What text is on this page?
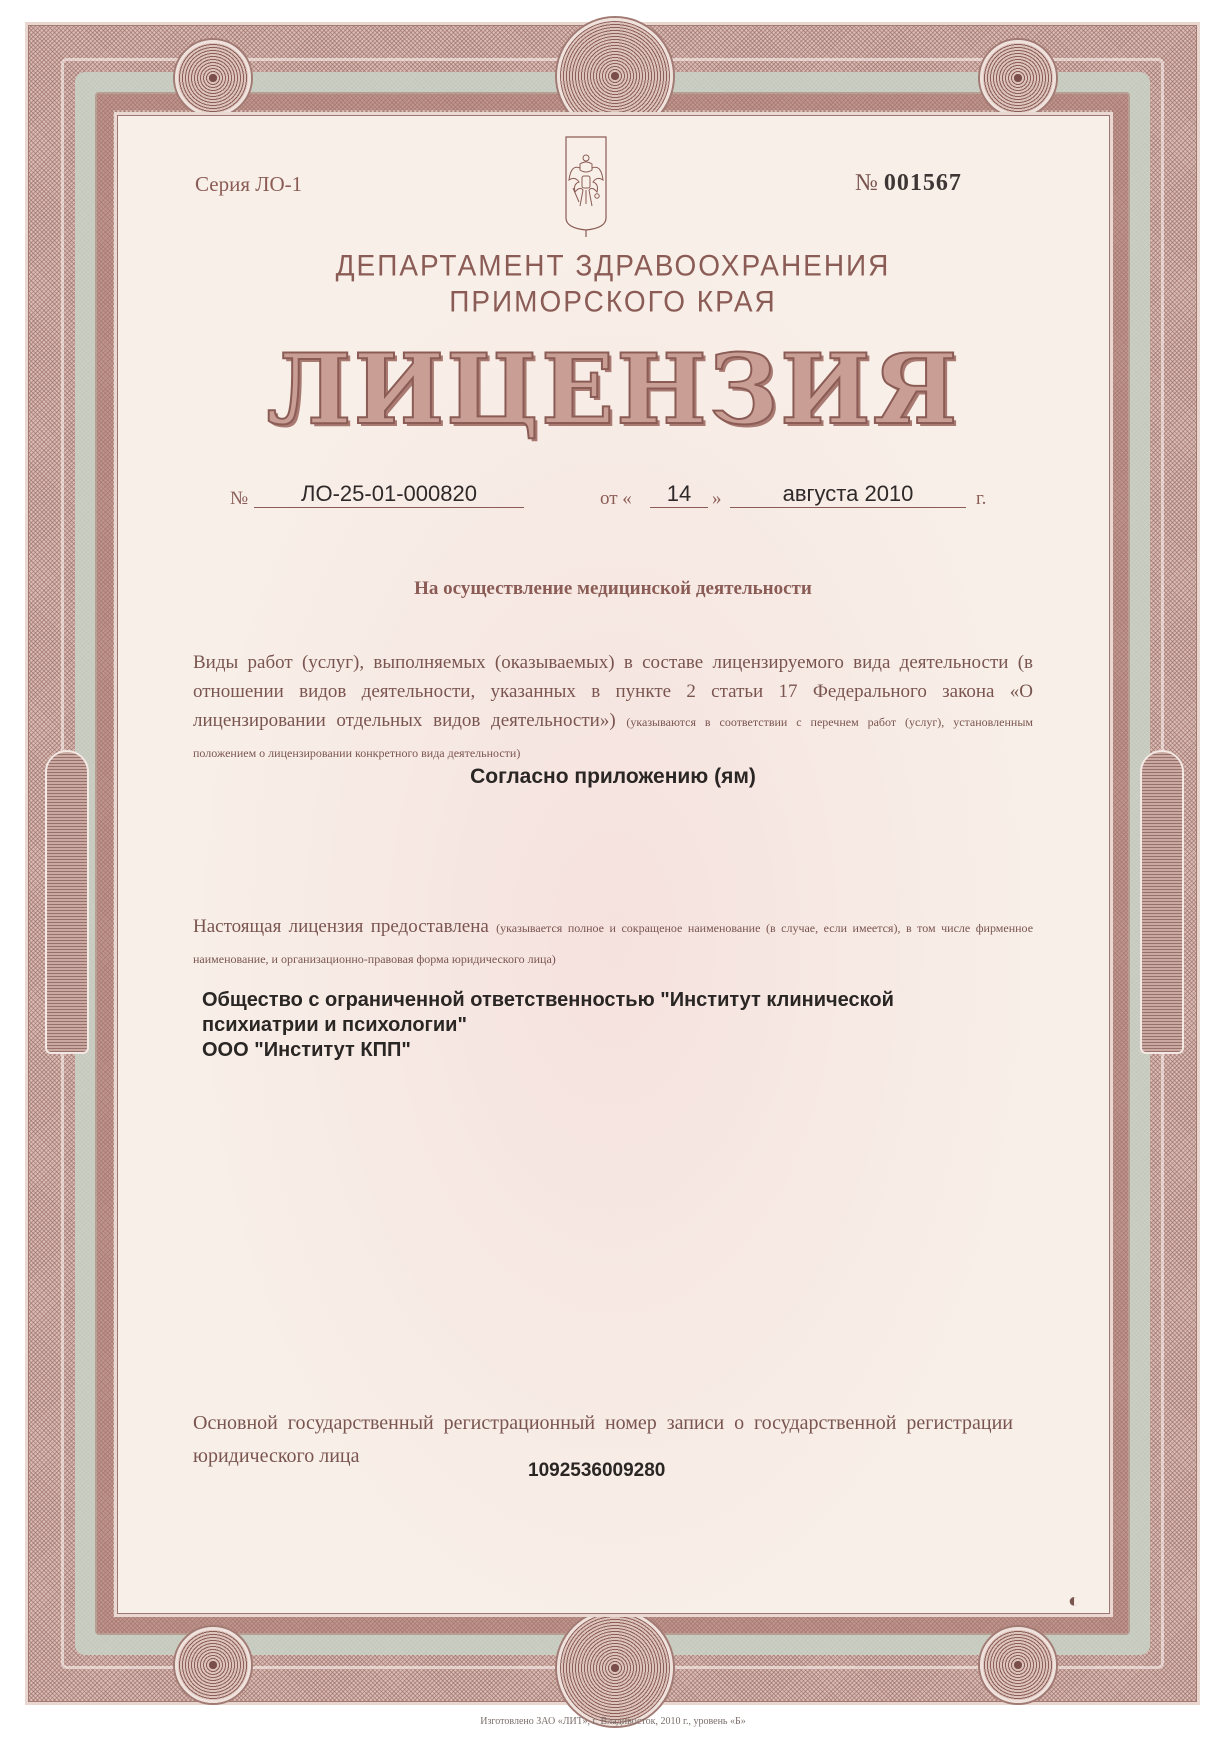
Серия ЛО-1	№ 001567
ДЕПАРТАМЕНТ ЗДРАВООХРАНЕНИЯ
ПРИМОРСКОГО КРАЯ
ЛИЦЕНЗИЯ
№	ЛО-25-01-000820	от «	14	»	августа 2010	г.
На осуществление медицинской деятельности
Виды работ (услуг), выполняемых (оказываемых) в составе лицензируемого вида деятельности (в отношении видов деятельности, указанных в пункте 2 статьи 17 Федерального закона «О лицензировании отдельных видов деятельности») (указываются в соответствии с перечнем работ (услуг), установленным положением о лицензировании конкретного вида деятельности)
Согласно приложению (ям)
Настоящая лицензия предоставлена (указывается полное и сокращеное наименование (в случае, если имеется), в том числе фирменное наименование, и организационно-правовая форма юридического лица)
Общество с ограниченной ответственностью "Институт клинической
психиатрии и психологии"
ООО "Институт КПП"
Основной государственный регистрационный номер записи о государственной регистрации юридического лица
1092536009280
◐
Изготовлено ЗАО «ЛИТ», г. Владивосток, 2010 г., уровень «Б»
